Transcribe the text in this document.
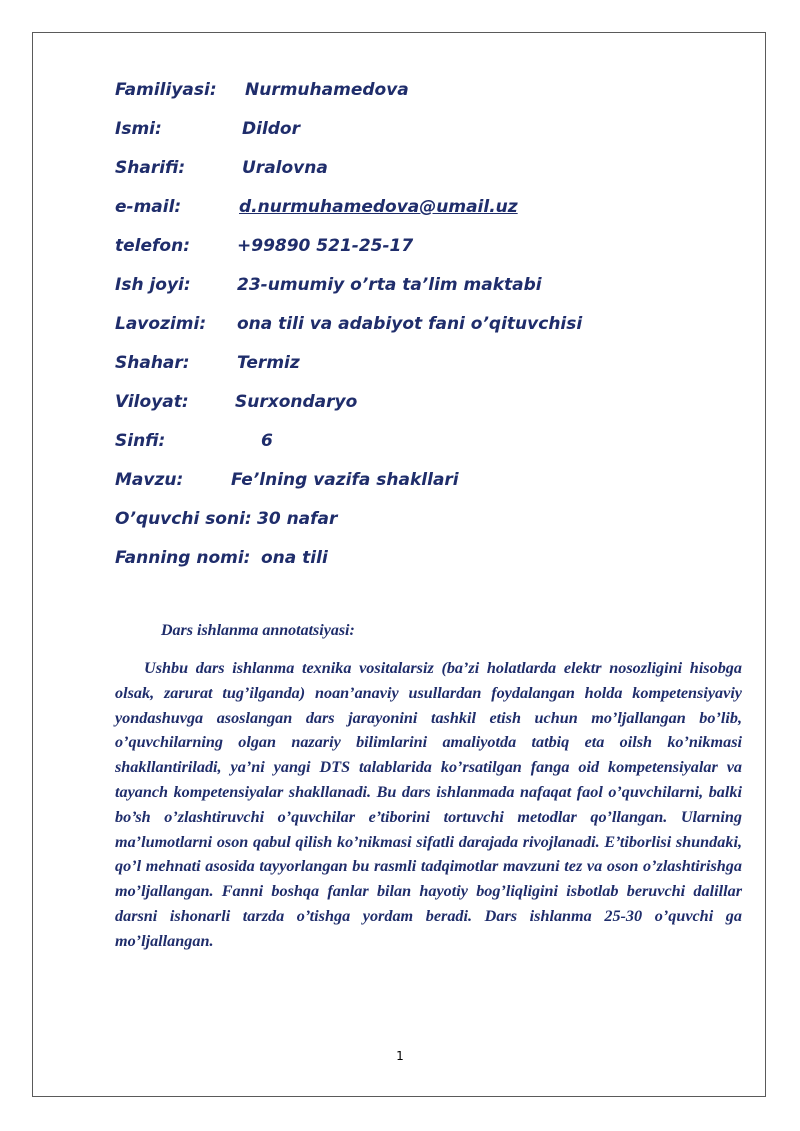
Familiyasi: Nurmuhamedova
Ismi:	Dildor
Sharifi:	Uralovna
e-mail:	d.nurmuhamedova@umail.uz
telefon:	+99890 521-25-17
Ish joyi:	23-umumiy o’rta ta’lim maktabi
Lavozimi: ona tili va adabiyot fani o’qituvchisi
Shahar:	Termiz
Viloyat:	Surxondaryo
Sinfi:	6
Mavzu:	Fe’lning vazifa shakllari
O’quvchi soni: 30 nafar
Fanning nomi: ona tili
Dars ishlanma annotatsiyasi:

Ushbu dars ishlanma texnika vositalarsiz (ba’zi holatlarda elektr nosozligini hisobga olsak, zarurat tug’ilganda) noan’anaviy usullardan foydalangan holda kompetensiyaviy yondashuvga asoslangan dars jarayonini tashkil etish uchun mo’ljallangan bo’lib, o’quvchilarning olgan nazariy bilimlarini amaliyotda tatbiq eta oilsh ko’nikmasi shakllantiriladi, ya’ni yangi DTS talablarida ko’rsatilgan fanga oid kompetensiyalar va tayanch kompetensiyalar shakllanadi. Bu dars ishlanmada nafaqat faol o’quvchilarni, balki bo’sh o’zlashtiruvchi o’quvchilar e’tiborini tortuvchi metodlar qo’llangan. Ularning ma’lumotlarni oson qabul qilish ko’nikmasi sifatli darajada rivojlanadi. E’tiborlisi shundaki, qo’l mehnati asosida tayyorlangan bu rasmli tadqimotlar mavzuni tez va oson o’zlashtirishga mo’ljallangan. Fanni boshqa fanlar bilan hayotiy bog’liqligini isbotlab beruvchi dalillar darsni ishonarli tarzda o’tishga yordam beradi. Dars ishlanma 25-30 o’quvchi ga mo’ljallangan.

1
